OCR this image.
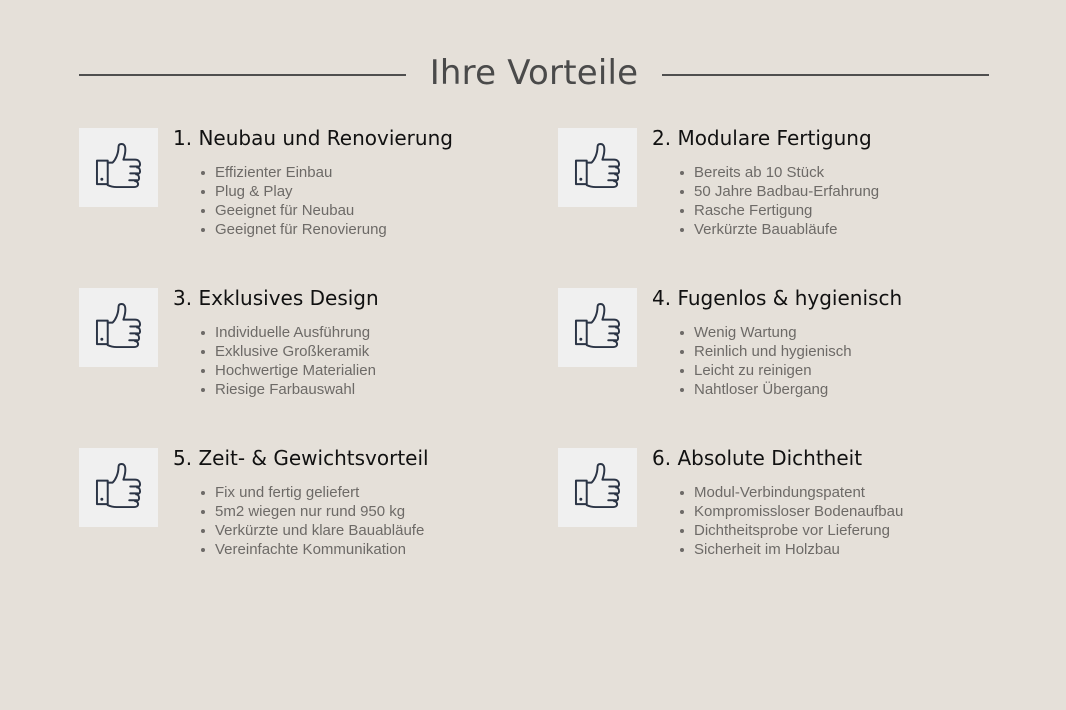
Ihre Vorteile
1. Neubau und Renovierung
Effizienter Einbau
Plug & Play
Geeignet für Neubau
Geeignet für Renovierung
2. Modulare Fertigung
Bereits ab 10 Stück
50 Jahre Badbau-Erfahrung
Rasche Fertigung
Verkürzte Bauabläufe
3. Exklusives Design
Individuelle Ausführung
Exklusive Großkeramik
Hochwertige Materialien
Riesige Farbauswahl
4. Fugenlos & hygienisch
Wenig Wartung
Reinlich und hygienisch
Leicht zu reinigen
Nahtloser Übergang
5. Zeit- & Gewichtsvorteil
Fix und fertig geliefert
5m2 wiegen nur rund 950 kg
Verkürzte und klare Bauabläufe
Vereinfachte Kommunikation
6. Absolute Dichtheit
Modul-Verbindungspatent
Kompromissloser Bodenaufbau
Dichtheitsprobe vor Lieferung
Sicherheit im Holzbau
